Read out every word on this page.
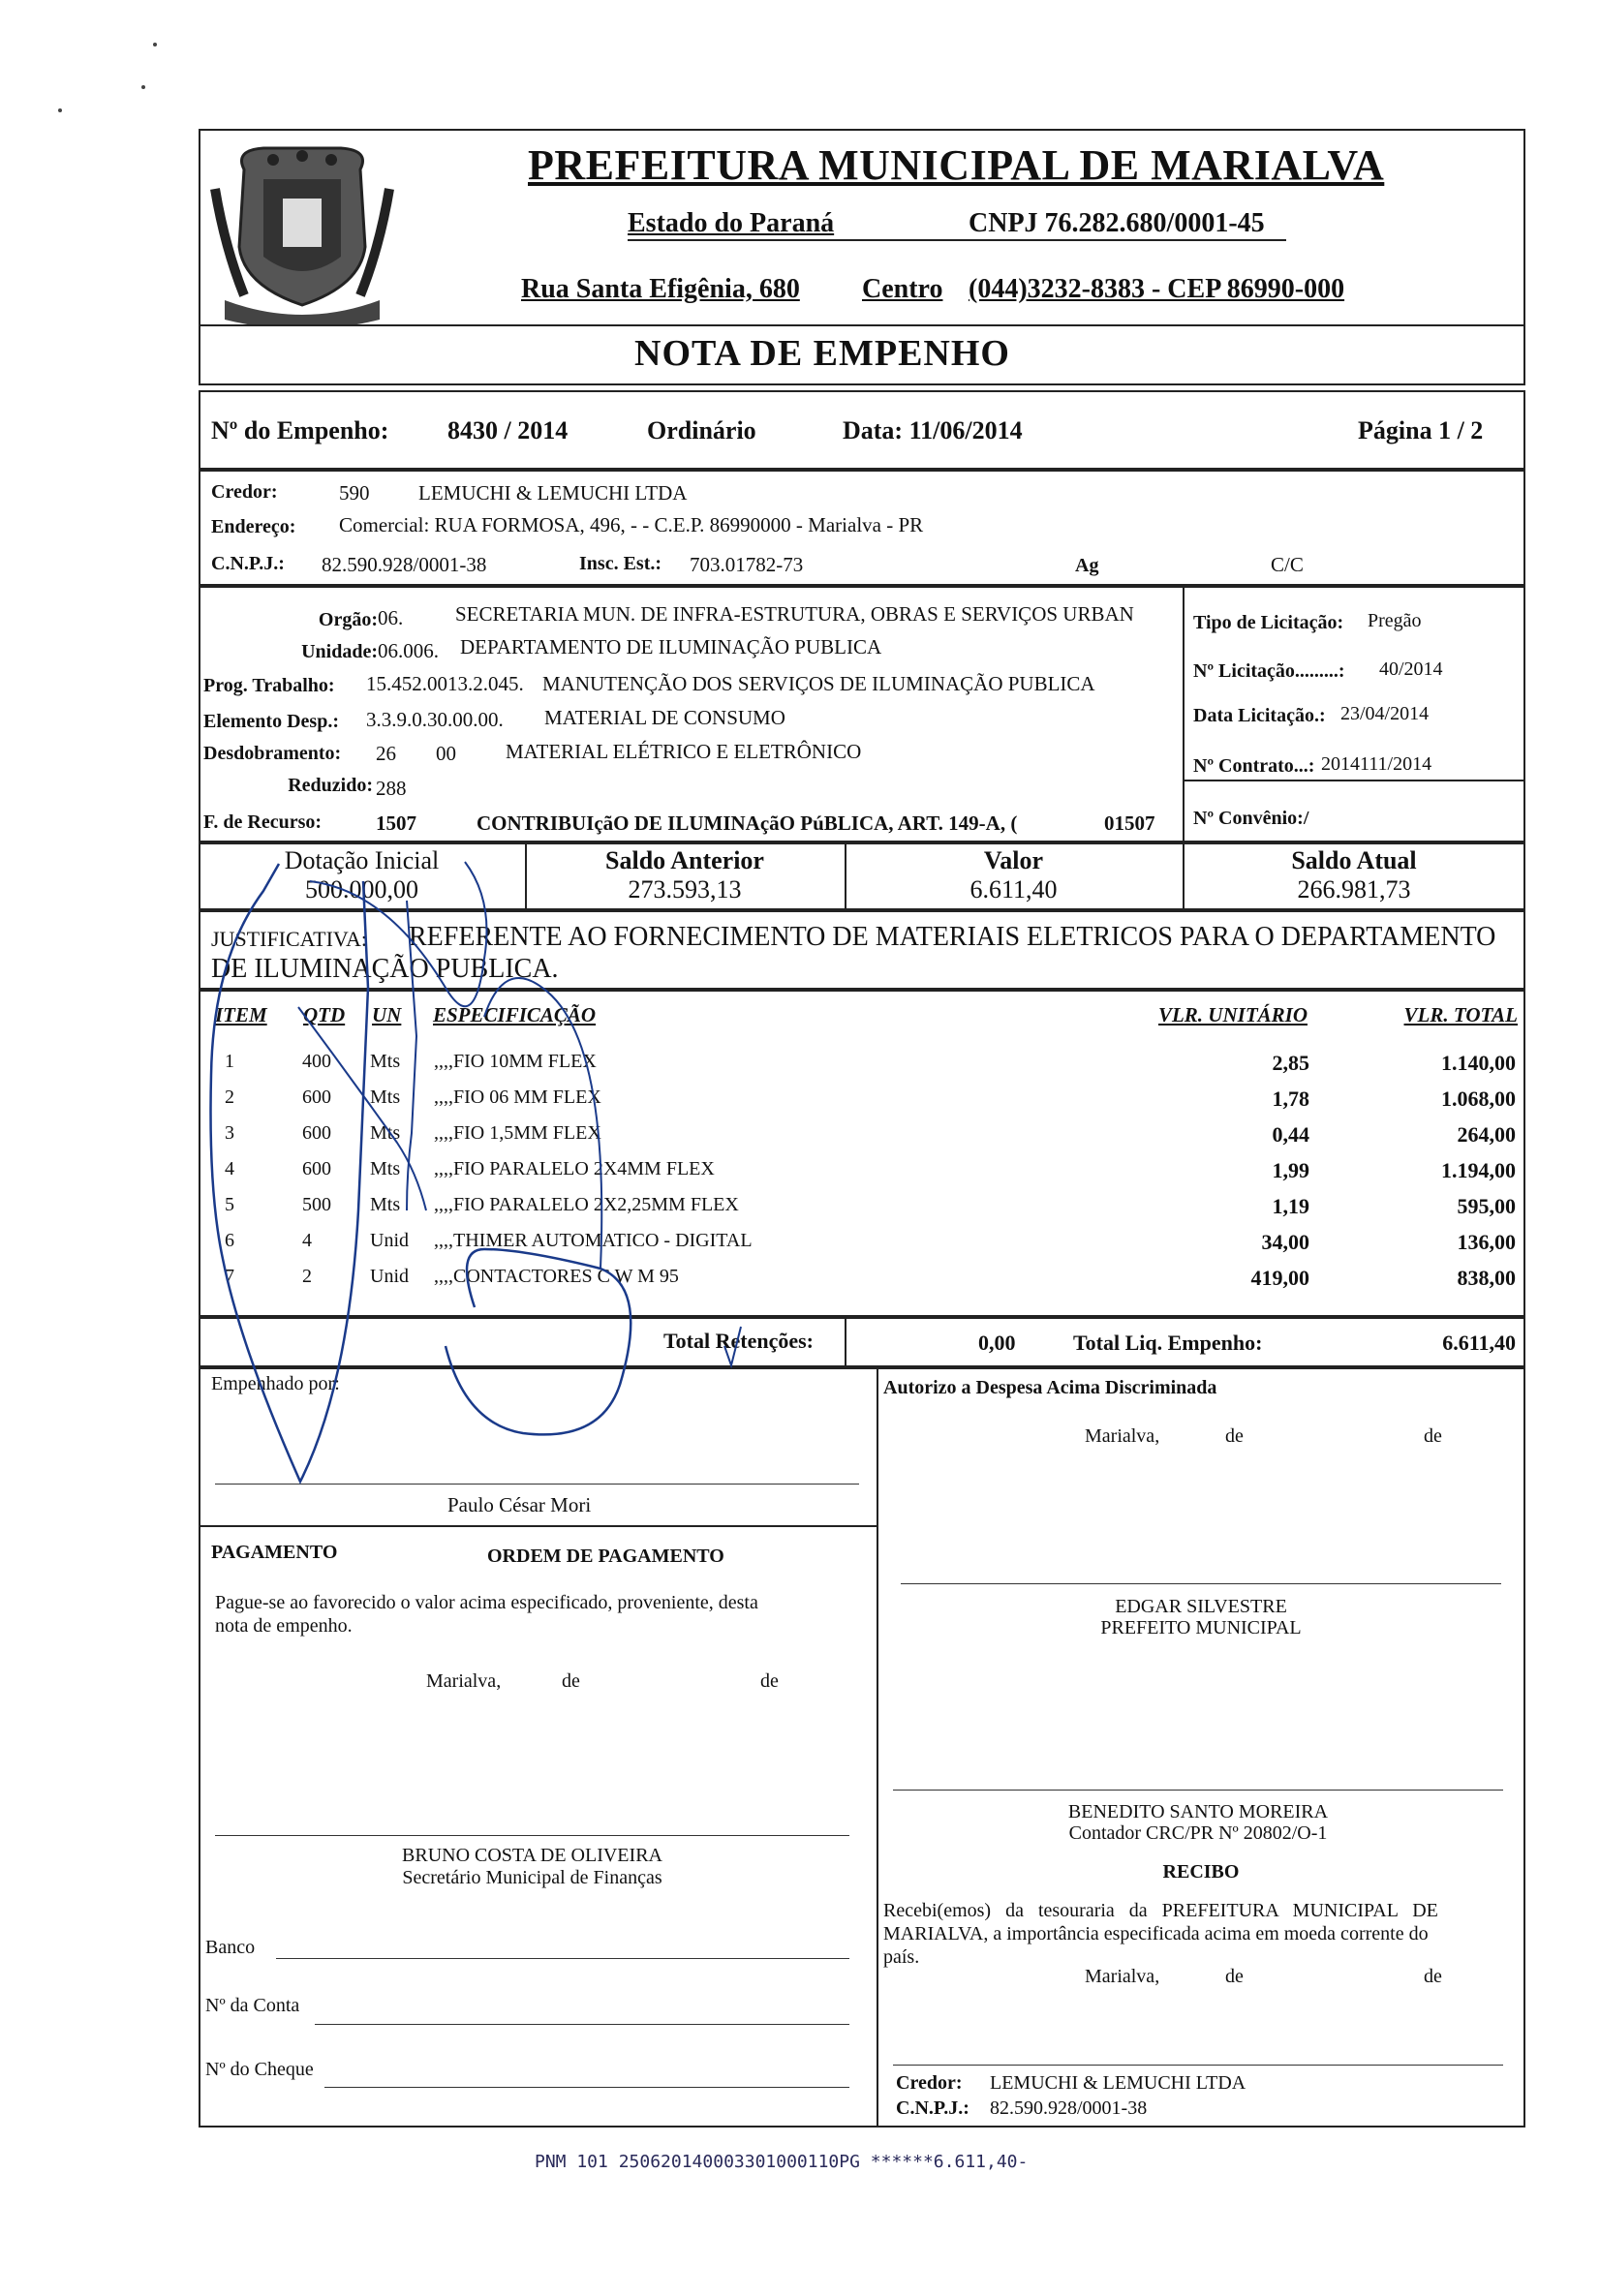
PREFEITURA MUNICIPAL DE MARIALVA
Estado do Paraná	CNPJ 76.282.680/0001-45
Rua Santa Efigênia, 680 Centro (044)3232-8383 - CEP 86990-000
NOTA DE EMPENHO
Nº do Empenho: 8430 / 2014	Ordinário	Data: 11/06/2014	Página 1 / 2
Credor:	590 LEMUCHI & LEMUCHI LTDA
Endereço: Comercial: RUA FORMOSA, 496, - - C.E.P. 86990000 - Marialva - PR
C.N.P.J.: 82.590.928/0001-38	Insc. Est.: 703.01782-73	Ag	C/C
Orgão: 06.	SECRETARIA MUN. DE INFRA-ESTRUTURA, OBRAS E SERVIÇOS URBAN
Unidade: 06.006. DEPARTAMENTO DE ILUMINAÇÃO PUBLICA
Prog. Trabalho: 15.452.0013.2.045. MANUTENÇÃO DOS SERVIÇOS DE ILUMINAÇÃO PUBLICA
Elemento Desp.: 3.3.9.0.30.00.00. MATERIAL DE CONSUMO
Desdobramento: 26 00 MATERIAL ELÉTRICO E ELETRÔNICO
Reduzido: 288
F. de Recurso:	1507	CONTRIBUIçãO DE ILUMINAçãO PúBLICA, ART. 149-A, (	01507
Tipo de Licitação: Pregão
Nº Licitação.........: 40/2014
Data Licitação.: 23/04/2014
Nº Contrato...: 2014111/2014
Nº Convênio:/
Dotação Inicial
500.000,00
Saldo Anterior
273.593,13
Valor
6.611,40
Saldo Atual
266.981,73
JUSTIFICATIVA: REFERENTE AO FORNECIMENTO DE MATERIAIS ELETRICOS PARA O DEPARTAMENTO
DE ILUMINAÇÃO PUBLICA.
ITEM QTD UN ESPECIFICAÇÃO	VLR. UNITÁRIO	VLR. TOTAL
1	400 Mts ,,,,FIO 10MM FLEX	2,85	1.140,00
2	600 Mts ,,,,FIO 06 MM FLEX	1,78	1.068,00
3	600 Mts ,,,,FIO 1,5MM FLEX	0,44	264,00
4	600 Mts ,,,,FIO PARALELO 2X4MM FLEX	1,99	1.194,00
5	500 Mts ,,,,FIO PARALELO 2X2,25MM FLEX	1,19	595,00
6	4	Unid ,,,,THIMER AUTOMATICO - DIGITAL	34,00	136,00
7	2	Unid ,,,,CONTACTORES C W M 95	419,00	838,00
Total Retenções:	0,00	Total Liq. Empenho:	6.611,40
Empenhado por:
Paulo César Mori
Autorizo a Despesa Acima Discriminada
Marialva,	de	de
PAGAMENTO	ORDEM DE PAGAMENTO
Pague-se ao favorecido o valor acima especificado, proveniente, desta
nota de empenho.
Marialva,	de	de
EDGAR SILVESTRE
PREFEITO MUNICIPAL
BENEDITO SANTO MOREIRA
Contador CRC/PR Nº 20802/O-1
BRUNO COSTA DE OLIVEIRA
Secretário Municipal de Finanças	RECIBO
Recebi(emos) da tesouraria da PREFEITURA MUNICIPAL DE
MARIALVA, a importância especificada acima em moeda corrente do
país.
Marialva,	de	de
Banco
Nº da Conta
Nº do Cheque
Credor: LEMUCHI & LEMUCHI LTDA
C.N.P.J.: 82.590.928/0001-38
PNM 101 250620140003301000110PG ******6.611,40-
